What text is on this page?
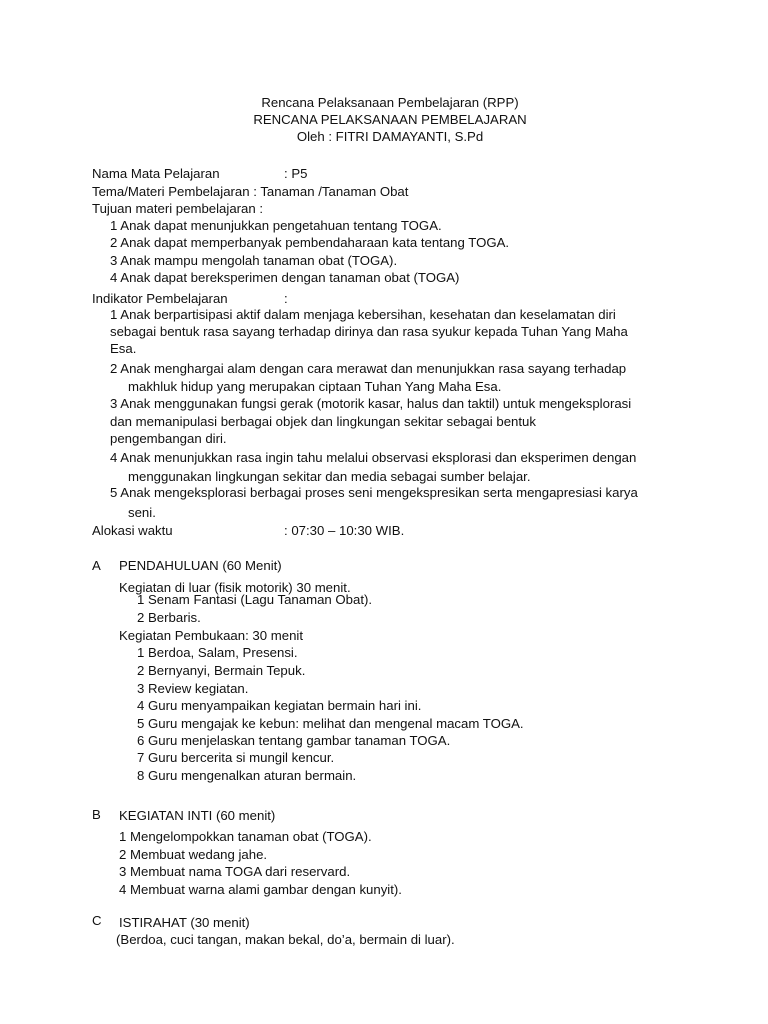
Rencana Pelaksanaan Pembelajaran (RPP)
RENCANA PELAKSANAAN PEMBELAJARAN
Oleh : FITRI DAMAYANTI, S.Pd
Nama Mata Pelajaran	: P5
Tema/Materi Pembelajaran : Tanaman /Tanaman Obat
Tujuan materi pembelajaran :
1 Anak dapat menunjukkan pengetahuan tentang TOGA.
2 Anak dapat memperbanyak pembendaharaan kata tentang TOGA.
3 Anak mampu mengolah tanaman obat (TOGA).
4 Anak dapat bereksperimen dengan tanaman obat (TOGA)
Indikator Pembelajaran	:
1 Anak berpartisipasi aktif dalam menjaga kebersihan, kesehatan dan keselamatan diri
sebagai bentuk rasa sayang terhadap dirinya dan rasa syukur kepada Tuhan Yang Maha
Esa.
2 Anak menghargai alam dengan cara merawat dan menunjukkan rasa sayang terhadap
makhluk hidup yang merupakan ciptaan Tuhan Yang Maha Esa.
3 Anak menggunakan fungsi gerak (motorik kasar, halus dan taktil) untuk mengeksplorasi
dan memanipulasi berbagai objek dan lingkungan sekitar sebagai bentuk
pengembangan diri.
4 Anak menunjukkan rasa ingin tahu melalui observasi eksplorasi dan eksperimen dengan
menggunakan lingkungan sekitar dan media sebagai sumber belajar.
5 Anak mengeksplorasi berbagai proses seni mengekspresikan serta mengapresiasi karya
seni.
Alokasi waktu	: 07:30 – 10:30 WIB.
A PENDAHULUAN (60 Menit)
Kegiatan di luar (fisik motorik) 30 menit.
1 Senam Fantasi (Lagu Tanaman Obat).
2 Berbaris.
Kegiatan Pembukaan: 30 menit
1 Berdoa, Salam, Presensi.
2 Bernyanyi, Bermain Tepuk.
3 Review kegiatan.
4 Guru menyampaikan kegiatan bermain hari ini.
5 Guru mengajak ke kebun: melihat dan mengenal macam TOGA.
6 Guru menjelaskan tentang gambar tanaman TOGA.
7 Guru bercerita si mungil kencur.
8 Guru mengenalkan aturan bermain.
B KEGIATAN INTI (60 menit)
1 Mengelompokkan tanaman obat (TOGA).
2 Membuat wedang jahe.
3 Membuat nama TOGA dari reservard.
4 Membuat warna alami gambar dengan kunyit).
C ISTIRAHAT (30 menit)
(Berdoa, cuci tangan, makan bekal, do’a, bermain di luar).
